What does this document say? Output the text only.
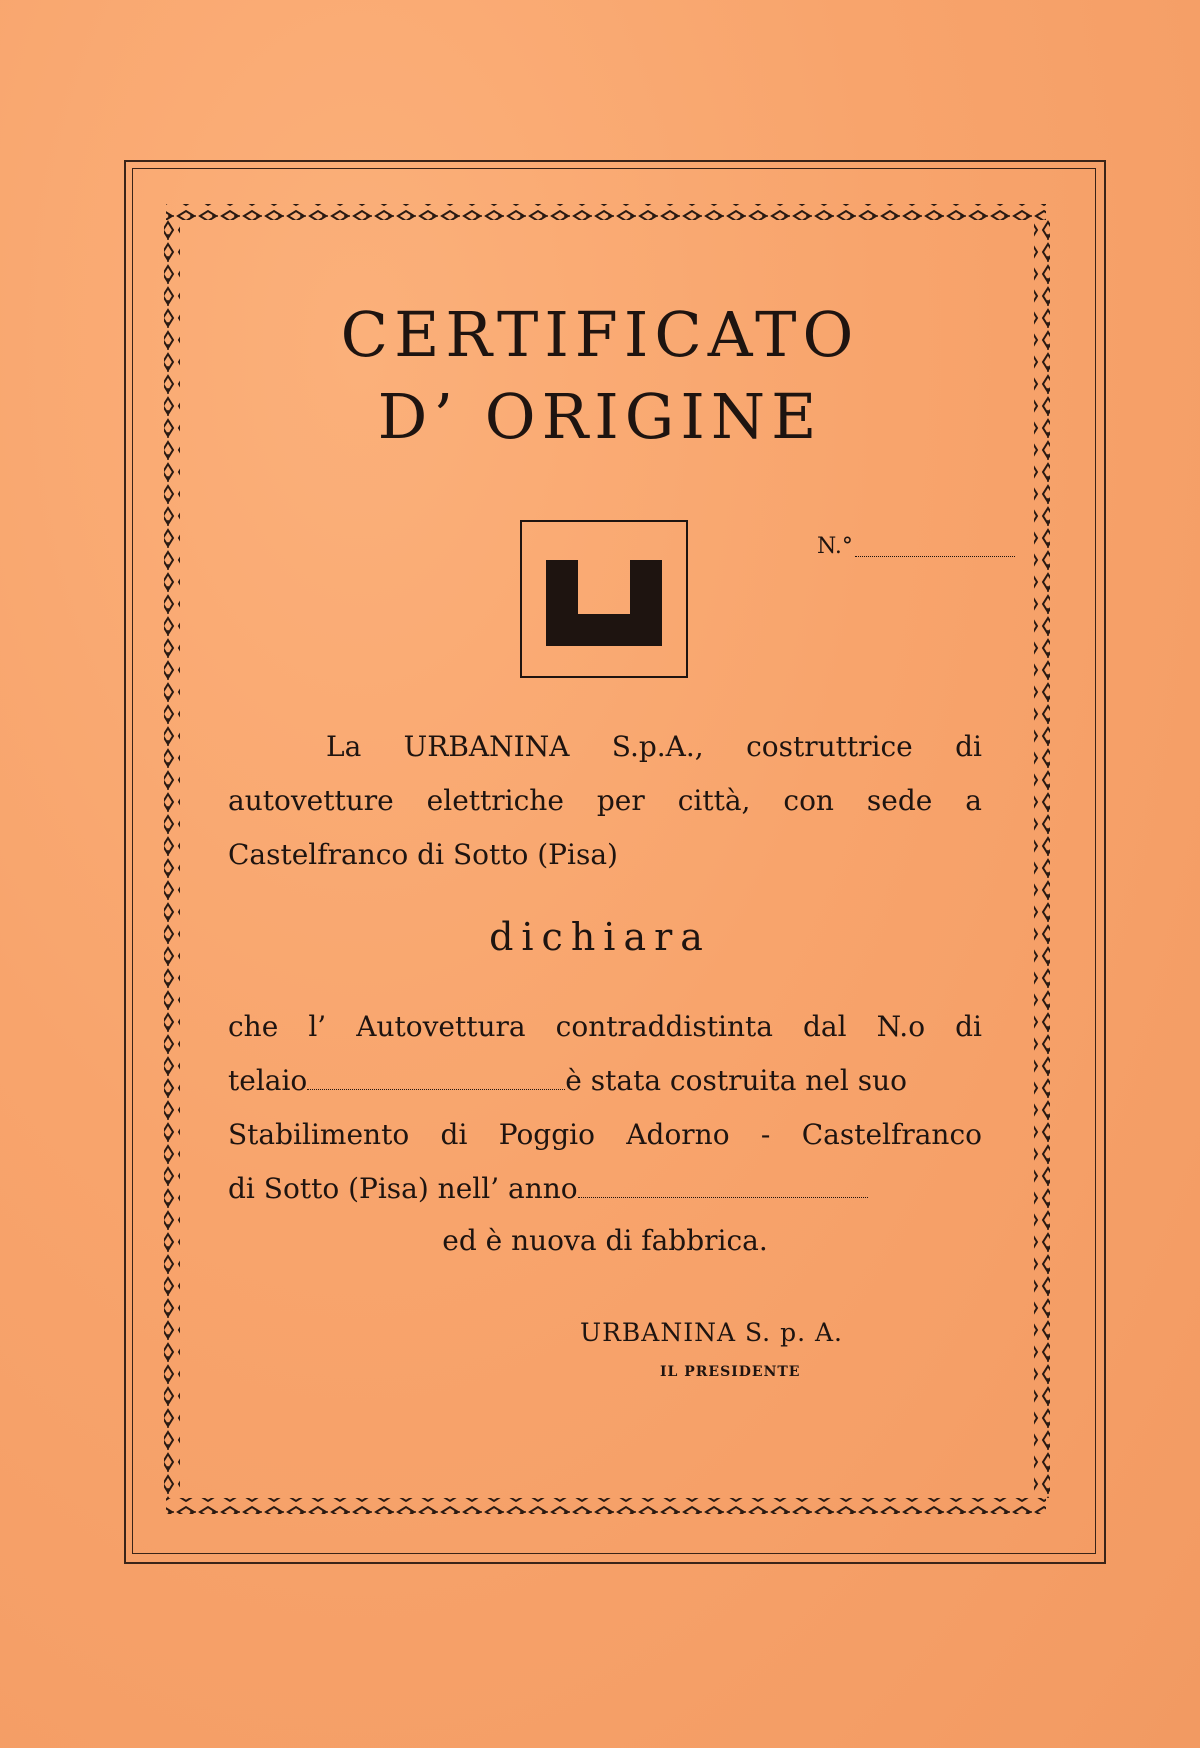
CERTIFICATO
D’ ORIGINE
N.°
La URBANINA S.p.A., costruttrice di
autovetture elettriche per città, con sede a
Castelfranco di Sotto (Pisa)
dichiara
che l’ Autovettura contraddistinta dal N.o di
telaio	è stata costruita nel suo
Stabilimento di Poggio Adorno - Castelfranco
di Sotto (Pisa) nell’ anno
ed è nuova di fabbrica.
URBANINA S. p. A.
IL PRESIDENTE
